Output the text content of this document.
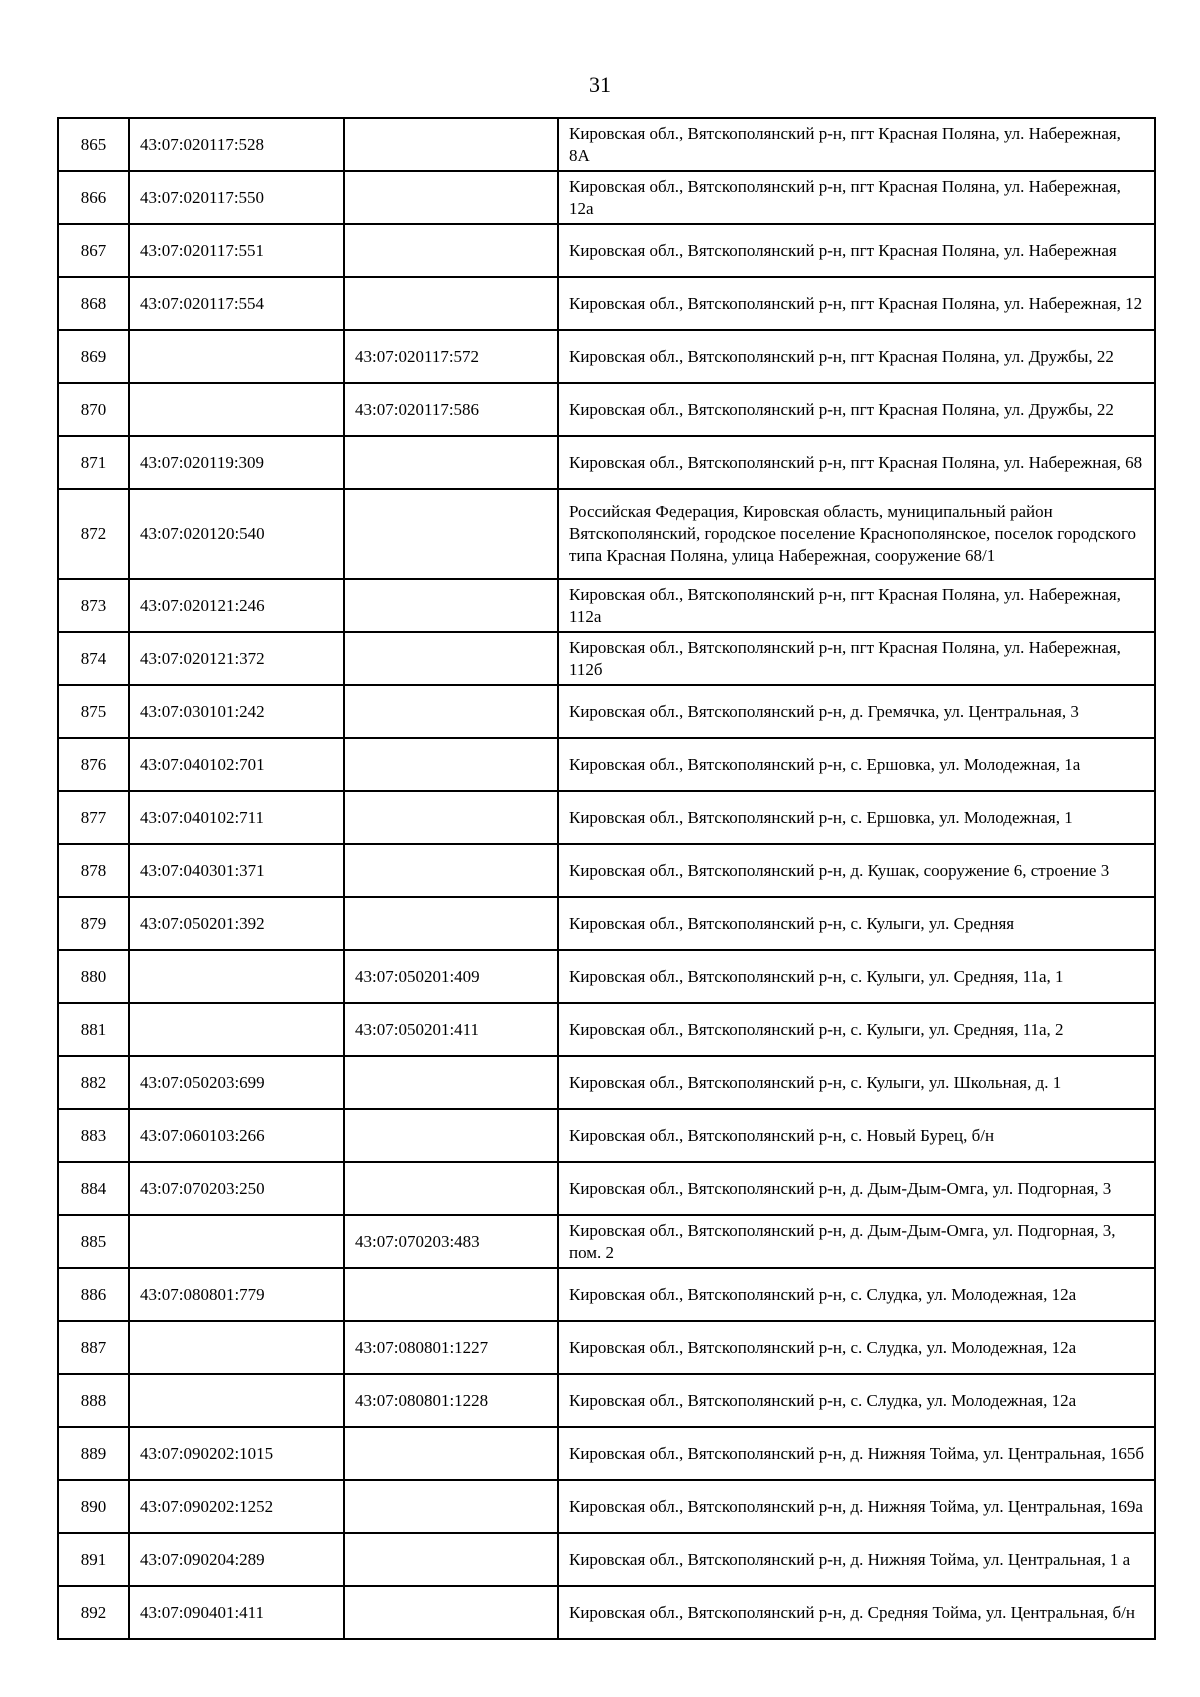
31
865	43:07:020117:528		Кировская обл., Вятскополянский р-н, пгт Красная Поляна, ул. Набережная, 8А
866	43:07:020117:550		Кировская обл., Вятскополянский р-н, пгт Красная Поляна, ул. Набережная, 12а
867	43:07:020117:551		Кировская обл., Вятскополянский р-н, пгт Красная Поляна, ул. Набережная
868	43:07:020117:554		Кировская обл., Вятскополянский р-н, пгт Красная Поляна, ул. Набережная, 12
869		43:07:020117:572	Кировская обл., Вятскополянский р-н, пгт Красная Поляна, ул. Дружбы, 22
870		43:07:020117:586	Кировская обл., Вятскополянский р-н, пгт Красная Поляна, ул. Дружбы, 22
871	43:07:020119:309		Кировская обл., Вятскополянский р-н, пгт Красная Поляна, ул. Набережная, 68
872	43:07:020120:540		Российская Федерация, Кировская область, муниципальный район Вятскополянский, городское поселение Краснополянское, поселок городского типа Красная Поляна, улица Набережная, сооружение 68/1
873	43:07:020121:246		Кировская обл., Вятскополянский р-н, пгт Красная Поляна, ул. Набережная, 112а
874	43:07:020121:372		Кировская обл., Вятскополянский р-н, пгт Красная Поляна, ул. Набережная, 112б
875	43:07:030101:242		Кировская обл., Вятскополянский р-н, д. Гремячка, ул. Центральная, 3
876	43:07:040102:701		Кировская обл., Вятскополянский р-н, с. Ершовка, ул. Молодежная, 1а
877	43:07:040102:711		Кировская обл., Вятскополянский р-н, с. Ершовка, ул. Молодежная, 1
878	43:07:040301:371		Кировская обл., Вятскополянский р-н, д. Кушак, сооружение 6, строение 3
879	43:07:050201:392		Кировская обл., Вятскополянский р-н, с. Кулыги, ул. Средняя
880		43:07:050201:409	Кировская обл., Вятскополянский р-н, с. Кулыги, ул. Средняя, 11а, 1
881		43:07:050201:411	Кировская обл., Вятскополянский р-н, с. Кулыги, ул. Средняя, 11а, 2
882	43:07:050203:699		Кировская обл., Вятскополянский р-н, с. Кулыги, ул. Школьная, д. 1
883	43:07:060103:266		Кировская обл., Вятскополянский р-н, с. Новый Бурец, б/н
884	43:07:070203:250		Кировская обл., Вятскополянский р-н, д. Дым-Дым-Омга, ул. Подгорная, 3
885		43:07:070203:483	Кировская обл., Вятскополянский р-н, д. Дым-Дым-Омга, ул. Подгорная, 3, пом. 2
886	43:07:080801:779		Кировская обл., Вятскополянский р-н, с. Слудка, ул. Молодежная, 12а
887		43:07:080801:1227	Кировская обл., Вятскополянский р-н, с. Слудка, ул. Молодежная, 12а
888		43:07:080801:1228	Кировская обл., Вятскополянский р-н, с. Слудка, ул. Молодежная, 12а
889	43:07:090202:1015		Кировская обл., Вятскополянский р-н, д. Нижняя Тойма, ул. Центральная, 165б
890	43:07:090202:1252		Кировская обл., Вятскополянский р-н, д. Нижняя Тойма, ул. Центральная, 169а
891	43:07:090204:289		Кировская обл., Вятскополянский р-н, д. Нижняя Тойма, ул. Центральная, 1 а
892	43:07:090401:411		Кировская обл., Вятскополянский р-н, д. Средняя Тойма, ул. Центральная, б/н
